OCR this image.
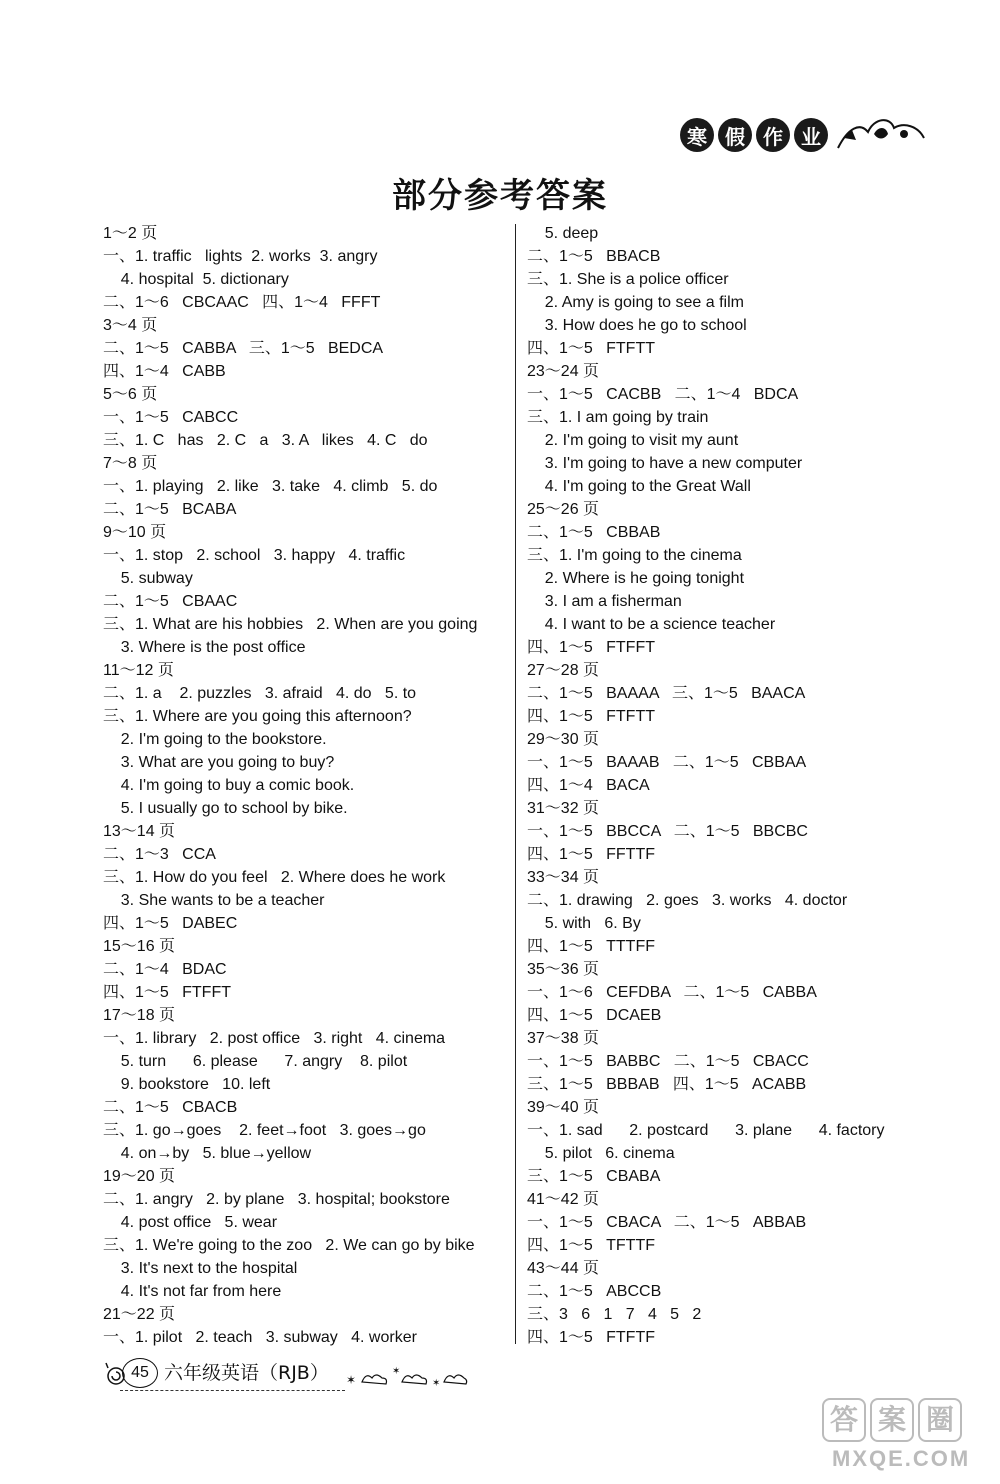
寒 假 作 业
部分参考答案
1～2 页
一、1. traffic   lights  2. works  3. angry
4. hospital  5. dictionary
二、1～6   CBCAAC   四、1～4   FFFT
3～4 页
二、1～5   CABBA   三、1～5   BEDCA
四、1～4   CABB
5～6 页
一、1～5   CABCC
三、1. C   has   2. C   a   3. A   likes   4. C   do
7～8 页
一、1. playing   2. like   3. take   4. climb   5. do
二、1～5   BCABA
9～10 页
一、1. stop   2. school   3. happy   4. traffic
5. subway
二、1～5   CBAAC
三、1. What are his hobbies   2. When are you going
3. Where is the post office
11～12 页
二、1. a    2. puzzles   3. afraid   4. do   5. to
三、1. Where are you going this afternoon?
2. I'm going to the bookstore.
3. What are you going to buy?
4. I'm going to buy a comic book.
5. I usually go to school by bike.
13～14 页
二、1～3   CCA
三、1. How do you feel   2. Where does he work
3. She wants to be a teacher
四、1～5   DABEC
15～16 页
二、1～4   BDAC
四、1～5   FTFFT
17～18 页
一、1. library   2. post office   3. right   4. cinema
5. turn      6. please      7. angry    8. pilot
9. bookstore   10. left
二、1～5   CBACB
三、1. go→goes    2. feet→foot   3. goes→go
4. on→by   5. blue→yellow
19～20 页
二、1. angry   2. by plane   3. hospital; bookstore
4. post office   5. wear
三、1. We're going to the zoo   2. We can go by bike
3. It's next to the hospital
4. It's not far from here
21～22 页
一、1. pilot   2. teach   3. subway   4. worker
5. deep
二、1～5   BBACB
三、1. She is a police officer
2. Amy is going to see a film
3. How does he go to school
四、1～5   FTFTT
23～24 页
一、1～5   CACBB   二、1～4   BDCA
三、1. I am going by train
2. I'm going to visit my aunt
3. I'm going to have a new computer
4. I'm going to the Great Wall
25～26 页
二、1～5   CBBAB
三、1. I'm going to the cinema
2. Where is he going tonight
3. I am a fisherman
4. I want to be a science teacher
四、1～5   FTFFT
27～28 页
二、1～5   BAAAA   三、1～5   BAACA
四、1～5   FTFTT
29～30 页
一、1～5   BAAAB   二、1～5   CBBAA
四、1～4   BACA
31～32 页
一、1～5   BBCCA   二、1～5   BBCBC
四、1～5   FFTTF
33～34 页
二、1. drawing   2. goes   3. works   4. doctor
5. with   6. By
四、1～5   TTTFF
35～36 页
一、1～6   CEFDBA   二、1～5   CABBA
四、1～5   DCAEB
37～38 页
一、1～5   BABBC   二、1～5   CBACC
三、1～5   BBBAB   四、1～5   ACABB
39～40 页
一、1. sad      2. postcard      3. plane      4. factory
5. pilot   6. cinema
三、1～5   CBABA
41～42 页
一、1～5   CBACA   二、1～5   ABBAB
四、1～5   TFTTF
43～44 页
二、1～5   ABCCB
三、3   6   1   7   4   5   2
四、1～5   FTFTF
45 六年级英语（RJB） ✶
✶
✶
答 案 圈
MXQE.COM
